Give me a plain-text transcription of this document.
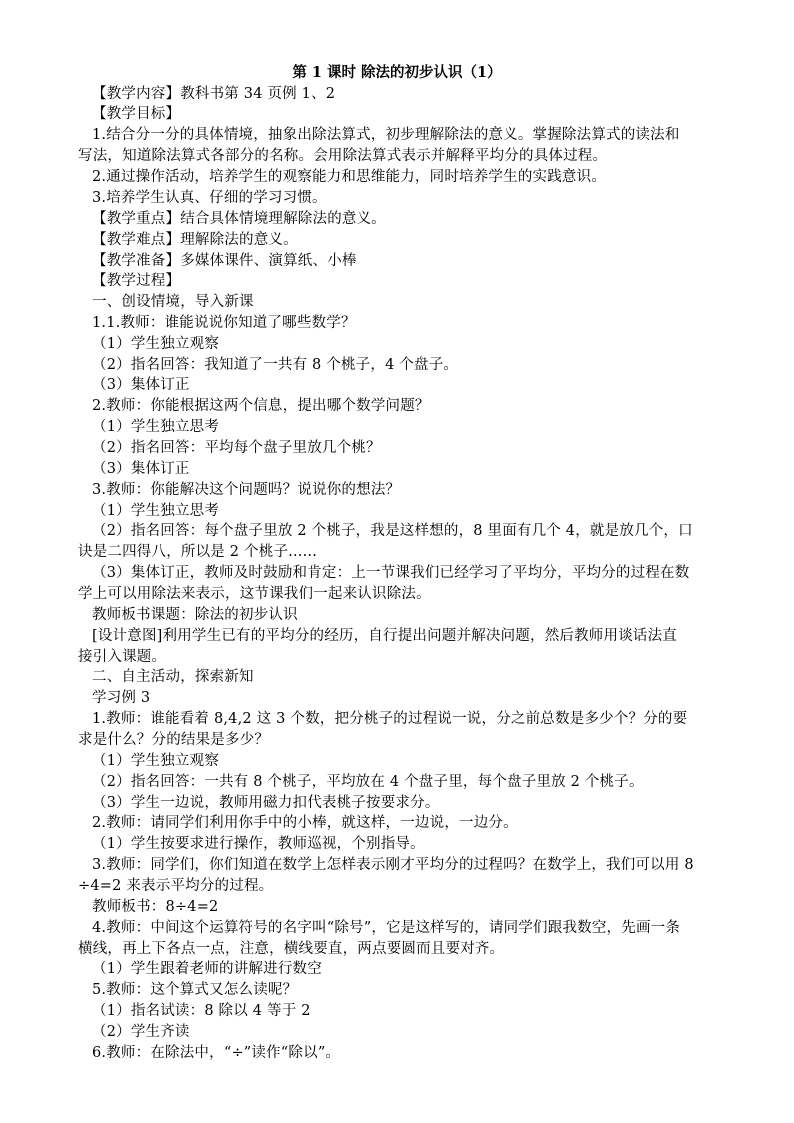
第 1 课时 除法的初步认识（1）
【教学内容】教科书第 34 页例 1、2
【教学目标】
1.结合分一分的具体情境，抽象出除法算式，初步理解除法的意义。掌握除法算式的读法和
写法，知道除法算式各部分的名称。会用除法算式表示并解释平均分的具体过程。
2.通过操作活动，培养学生的观察能力和思维能力，同时培养学生的实践意识。
3.培养学生认真、仔细的学习习惯。
【教学重点】结合具体情境理解除法的意义。
【教学难点】理解除法的意义。
【教学准备】多媒体课件、演算纸、小棒
【教学过程】
一、创设情境，导入新课
1.1.教师：谁能说说你知道了哪些数学？
（1）学生独立观察
（2）指名回答：我知道了一共有 8 个桃子，4 个盘子。
（3）集体订正
2.教师：你能根据这两个信息，提出哪个数学问题？
（1）学生独立思考
（2）指名回答：平均每个盘子里放几个桃？
（3）集体订正
3.教师：你能解决这个问题吗？说说你的想法？
（1）学生独立思考
（2）指名回答：每个盘子里放 2 个桃子，我是这样想的，8 里面有几个 4，就是放几个，口
诀是二四得八，所以是 2 个桃子......
（3）集体订正，教师及时鼓励和肯定：上一节课我们已经学习了平均分，平均分的过程在数
学上可以用除法来表示，这节课我们一起来认识除法。
教师板书课题：除法的初步认识
[设计意图]利用学生已有的平均分的经历，自行提出问题并解决问题，然后教师用谈话法直
接引入课题。
二、自主活动，探索新知
学习例 3
1.教师：谁能看着 8,4,2 这 3 个数，把分桃子的过程说一说，分之前总数是多少个？分的要
求是什么？分的结果是多少？
（1）学生独立观察
（2）指名回答：一共有 8 个桃子，平均放在 4 个盘子里，每个盘子里放 2 个桃子。
（3）学生一边说，教师用磁力扣代表桃子按要求分。
2.教师：请同学们利用你手中的小棒，就这样，一边说，一边分。
（1）学生按要求进行操作，教师巡视，个别指导。
3.教师：同学们，你们知道在数学上怎样表示刚才平均分的过程吗？在数学上，我们可以用 8
÷4=2 来表示平均分的过程。
教师板书：8÷4=2
4.教师：中间这个运算符号的名字叫“除号”，它是这样写的，请同学们跟我数空，先画一条
横线，再上下各点一点，注意，横线要直，两点要圆而且要对齐。
（1）学生跟着老师的讲解进行数空
5.教师：这个算式又怎么读呢？
（1）指名试读：8 除以 4 等于 2
（2）学生齐读
6.教师：在除法中，“÷”读作“除以”。
